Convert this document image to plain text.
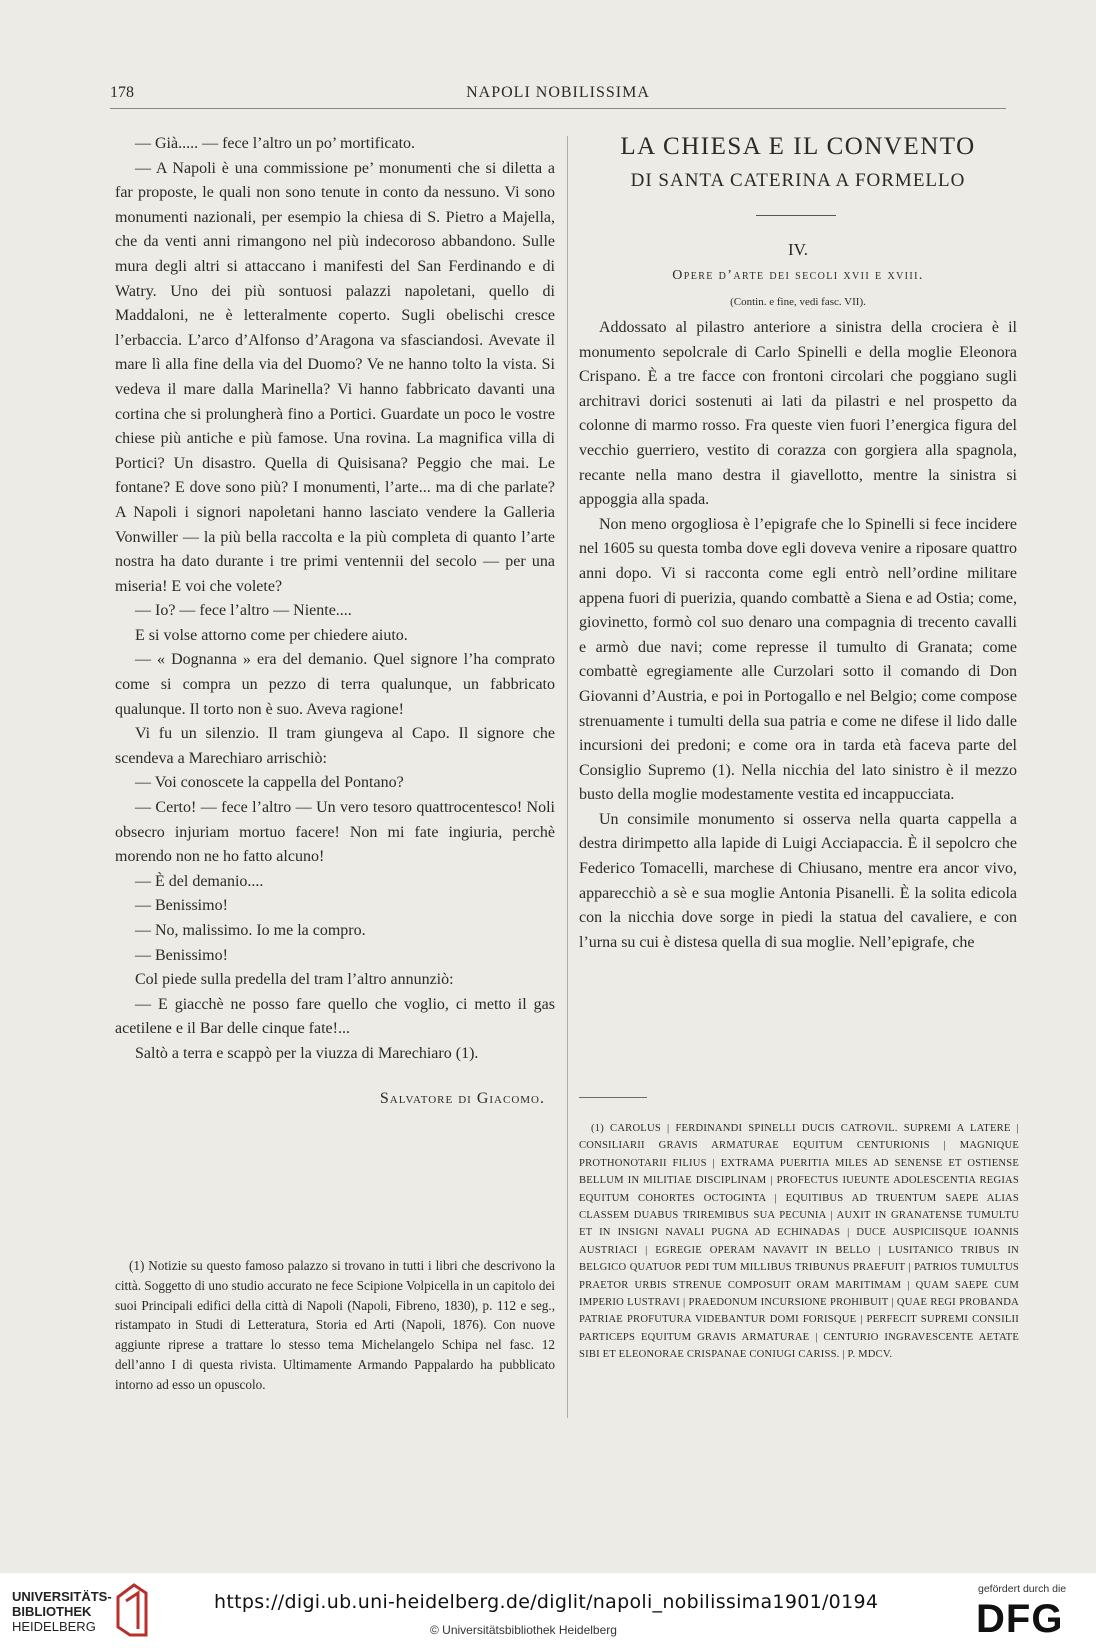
178	NAPOLI NOBILISSIMA

— Già..... — fece l’altro un po’ mortificato.

— A Napoli è una commissione pe’ monumenti che si diletta a far proposte, le quali non sono tenute in conto da nessuno. Vi sono monumenti nazionali, per esempio la chiesa di S. Pietro a Majella, che da venti anni rimangono nel più indecoroso abbandono. Sulle mura degli altri si attaccano i manifesti del San Ferdinando e di Watry. Uno dei più sontuosi palazzi napoletani, quello di Maddaloni, ne è letteralmente coperto. Sugli obelischi cresce l’erbaccia. L’arco d’Alfonso d’Aragona va sfasciandosi. Avevate il mare lì alla fine della via del Duomo? Ve ne hanno tolto la vista. Si vedeva il mare dalla Marinella? Vi hanno fabbricato davanti una cortina che si prolungherà fino a Portici. Guardate un poco le vostre chiese più antiche e più famose. Una rovina. La magnifica villa di Portici? Un disastro. Quella di Quisisana? Peggio che mai. Le fontane? E dove sono più? I monumenti, l’arte... ma di che parlate? A Napoli i signori napoletani hanno lasciato vendere la Galleria Vonwiller — la più bella raccolta e la più completa di quanto l’arte nostra ha dato durante i tre primi ventennii del secolo — per una miseria! E voi che volete?

— Io? — fece l’altro — Niente....

E si volse attorno come per chiedere aiuto.

— « Dognanna » era del demanio. Quel signore l’ha comprato come si compra un pezzo di terra qualunque, un fabbricato qualunque. Il torto non è suo. Aveva ragione!

Vi fu un silenzio. Il tram giungeva al Capo. Il signore che scendeva a Marechiaro arrischiò:

— Voi conoscete la cappella del Pontano?

— Certo! — fece l’altro — Un vero tesoro quattrocentesco! Noli obsecro injuriam mortuo facere! Non mi fate ingiuria, perchè morendo non ne ho fatto alcuno!

— È del demanio....

— Benissimo!

— No, malissimo. Io me la compro.

— Benissimo!

Col piede sulla predella del tram l’altro annunziò:

— E giacchè ne posso fare quello che voglio, ci metto il gas acetilene e il Bar delle cinque fate!...

Saltò a terra e scappò per la viuzza di Marechiaro (1).

Salvatore di Giacomo.

(1) Notizie su questo famoso palazzo si trovano in tutti i libri che descrivono la città. Soggetto di uno studio accurato ne fece Scipione Volpicella in un capitolo dei suoi Principali edifici della città di Napoli (Napoli, Fibreno, 1830), p. 112 e seg., ristampato in Studi di Letteratura, Storia ed Arti (Napoli, 1876). Con nuove aggiunte riprese a trattare lo stesso tema Michelangelo Schipa nel fasc. 12 dell’anno I di questa rivista. Ultimamente Armando Pappalardo ha pubblicato intorno ad esso un opuscolo.
LA CHIESA E IL CONVENTO
DI SANTA CATERINA A FORMELLO
IV.
Opere d’arte dei secoli xvii e xviii.
(Contin. e fine, vedi fasc. VII).

Addossato al pilastro anteriore a sinistra della crociera è il monumento sepolcrale di Carlo Spinelli e della moglie Eleonora Crispano. È a tre facce con frontoni circolari che poggiano sugli architravi dorici sostenuti ai lati da pilastri e nel prospetto da colonne di marmo rosso. Fra queste vien fuori l’energica figura del vecchio guerriero, vestito di corazza con gorgiera alla spagnola, recante nella mano destra il giavellotto, mentre la sinistra si appoggia alla spada.

Non meno orgogliosa è l’epigrafe che lo Spinelli si fece incidere nel 1605 su questa tomba dove egli doveva venire a riposare quattro anni dopo. Vi si racconta come egli entrò nell’ordine militare appena fuori di puerizia, quando combattè a Siena e ad Ostia; come, giovinetto, formò col suo denaro una compagnia di trecento cavalli e armò due navi; come represse il tumulto di Granata; come combattè egregiamente alle Curzolari sotto il comando di Don Giovanni d’Austria, e poi in Portogallo e nel Belgio; come compose strenuamente i tumulti della sua patria e come ne difese il lido dalle incursioni dei predoni; e come ora in tarda età faceva parte del Consiglio Supremo (1). Nella nicchia del lato sinistro è il mezzo busto della moglie modestamente vestita ed incappucciata.

Un consimile monumento si osserva nella quarta cappella a destra dirimpetto alla lapide di Luigi Acciapaccia. È il sepolcro che Federico Tomacelli, marchese di Chiusano, mentre era ancor vivo, apparecchiò a sè e sua moglie Antonia Pisanelli. È la solita edicola con la nicchia dove sorge in piedi la statua del cavaliere, e con l’urna su cui è distesa quella di sua moglie. Nell’epigrafe, che

(1) CAROLUS | FERDINANDI SPINELLI DUCIS CATROVIL. SUPREMI A LATERE | CONSILIARII GRAVIS ARMATURAE EQUITUM CENTURIONIS | MAGNIQUE PROTHONOTARII FILIUS | EXTRAMA PUERITIA MILES AD SENENSE ET OSTIENSE BELLUM IN MILITIAE DISCIPLINAM | PROFECTUS IUEUNTE ADOLESCENTIA REGIAS EQUITUM COHORTES OCTOGINTA | EQUITIBUS AD TRUENTUM SAEPE ALIAS CLASSEM DUABUS TRIREMIBUS SUA PECUNIA | AUXIT IN GRANATENSE TUMULTU ET IN INSIGNI NAVALI PUGNA AD ECHINADAS | DUCE AUSPICIISQUE IOANNIS AUSTRIACI | EGREGIE OPERAM NAVAVIT IN BELLO | LUSITANICO TRIBUS IN BELGICO QUATUOR PEDI TUM MILLIBUS TRIBUNUS PRAEFUIT | PATRIOS TUMULTUS PRAETOR URBIS STRENUE COMPOSUIT ORAM MARITIMAM | QUAM SAEPE CUM IMPERIO LUSTRAVI | PRAEDONUM INCURSIONE PROHIBUIT | QUAE REGI PROBANDA PATRIAE PROFUTURA VIDEBANTUR DOMI FORISQUE | PERFECIT SUPREMI CONSILII PARTICEPS EQUITUM GRAVIS ARMATURAE | CENTURIO INGRAVESCENTE AETATE SIBI ET ELEONORAE CRISPANAE CONIUGI CARISS. | P. MDCV.
UNIVERSITÄTS-
BIBLIOTHEK
HEIDELBERG
https://digi.ub.uni-heidelberg.de/diglit/napoli_nobilissima1901/0194
© Universitätsbibliothek Heidelberg
gefördert durch die
DFG
